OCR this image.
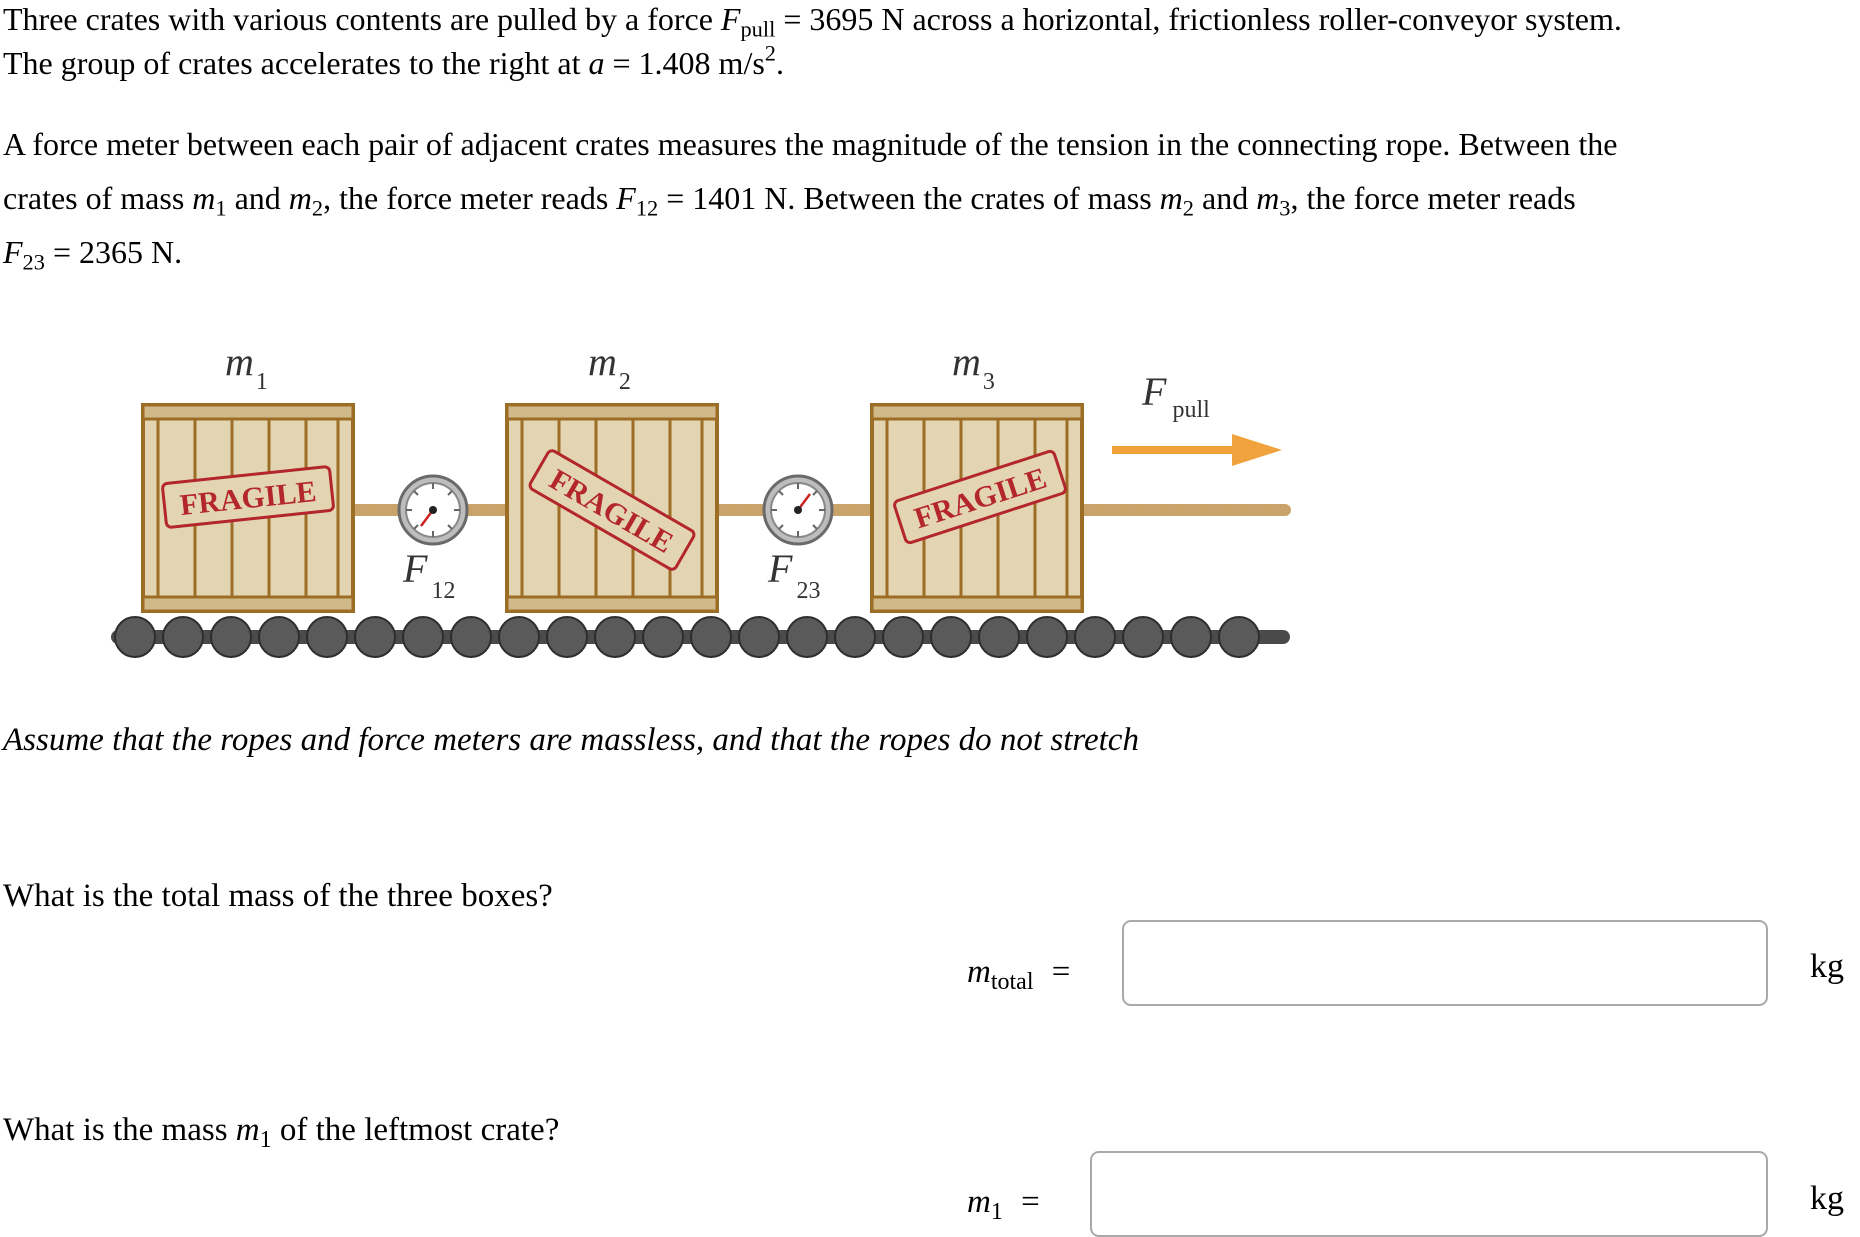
Three crates with various contents are pulled by a force $F_{pull} = 3695$ N across a horizontal, frictionless roller-conveyor system.

The group of crates accelerates to the right at a = 1.408 $m/s^2$.

A force meter between each pair of adjacent crates measures the magnitude of the tension in the connecting rope. Between the

crates of mass $m_1$ and $m_2$, the force meter reads $F_{12} = 1401$ N. Between the crates of mass $m_2$ and $m_3$, the force meter reads

$F_{23} = 2365$ N.

FRAGILE	FRAGILE	FRAGILE
$m_1$	$m_2$	$m_3$
F $_{12}$	F $_{23}$
F $_{pull}$
Assume that the ropes and force meters are massless, and that the ropes do not stretch
What is the total mass of the three boxes?
$m_{total}$ =	kg
What is the mass $m_1$ of the leftmost crate?
$m_1$ =	kg
